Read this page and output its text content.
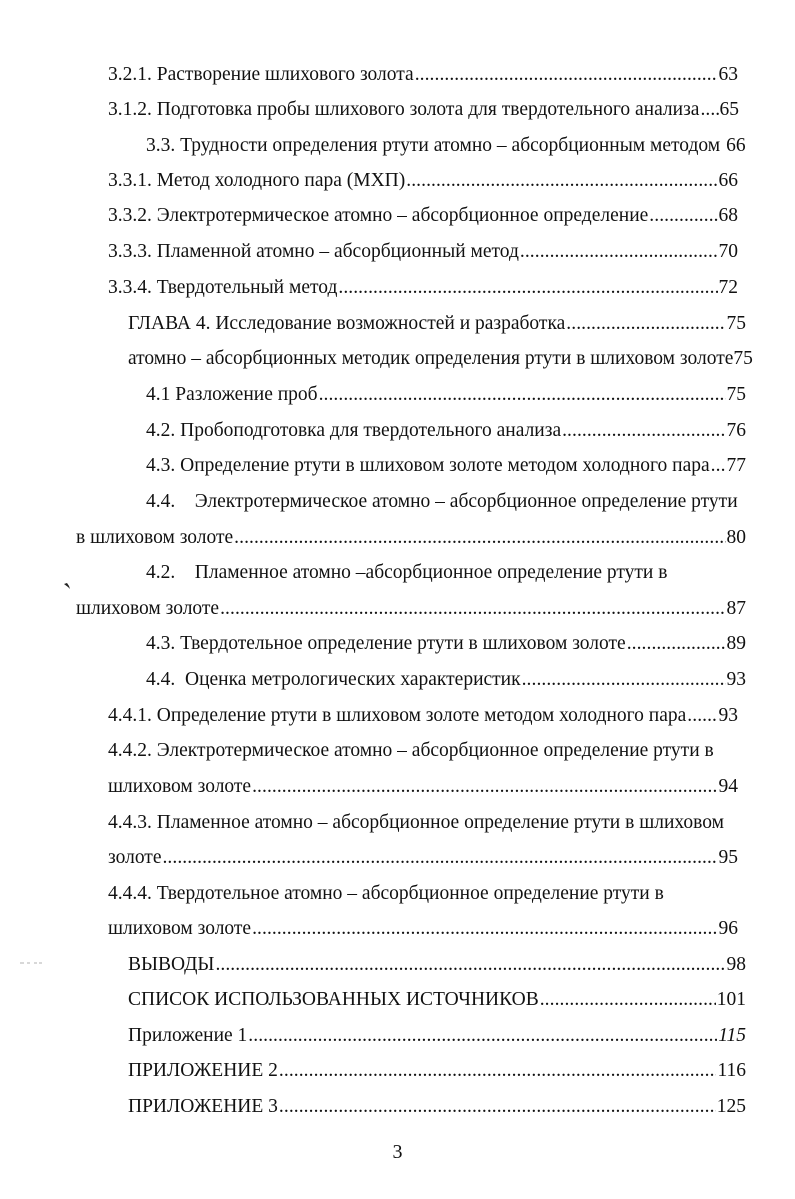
3.2.1. Растворение шлихового золота . . .	63
3.1.2. Подготовка пробы шлихового золота для твердотельного анализа . . . 65
3.3. Трудности определения ртути атомно – абсорбционным методом 66
3.3.1. Метод холодного пара (МХП) . . .	66
3.3.2. Электротермическое атомно – абсорбционное определение . . .	68
3.3.3. Пламенной атомно – абсорбционный метод . . .	70
3.3.4. Твердотельный метод . . .	72
ГЛАВА 4. Исследование возможностей и разработка . . .	75
атомно – абсорбционных методик определения ртути в шлиховом золоте 75
4.1 Разложение проб . . .	75
4.2. Пробоподготовка для твердотельного анализа . . .	76
4.3. Определение ртути в шлиховом золоте методом холодного пара . . . 77
4.4.    Электротермическое атомно – абсорбционное определение ртути
в шлиховом золоте . . .	80
4.2.    Пламенное атомно –абсорбционное определение ртути в
шлиховом золоте . . .	87
4.3. Твердотельное определение ртути в шлиховом золоте . . .	89
4.4.  Оценка метрологических характеристик . . .	93
4.4.1. Определение ртути в шлиховом золоте методом холодного пара . . . 93
4.4.2. Электротермическое атомно – абсорбционное определение ртути в
шлиховом золоте . . .	94
4.4.3. Пламенное атомно – абсорбционное определение ртути в шлиховом
золоте . . .	95
4.4.4. Твердотельное атомно – абсорбционное определение ртути в
шлиховом золоте . . .	96
ВЫВОДЫ . . .	98
СПИСОК ИСПОЛЬЗОВАННЫХ ИСТОЧНИКОВ . . .	101
Приложение 1 . . .	115
ПРИЛОЖЕНИЕ 2 . . .	116
ПРИЛОЖЕНИЕ 3 . . .	125
3
